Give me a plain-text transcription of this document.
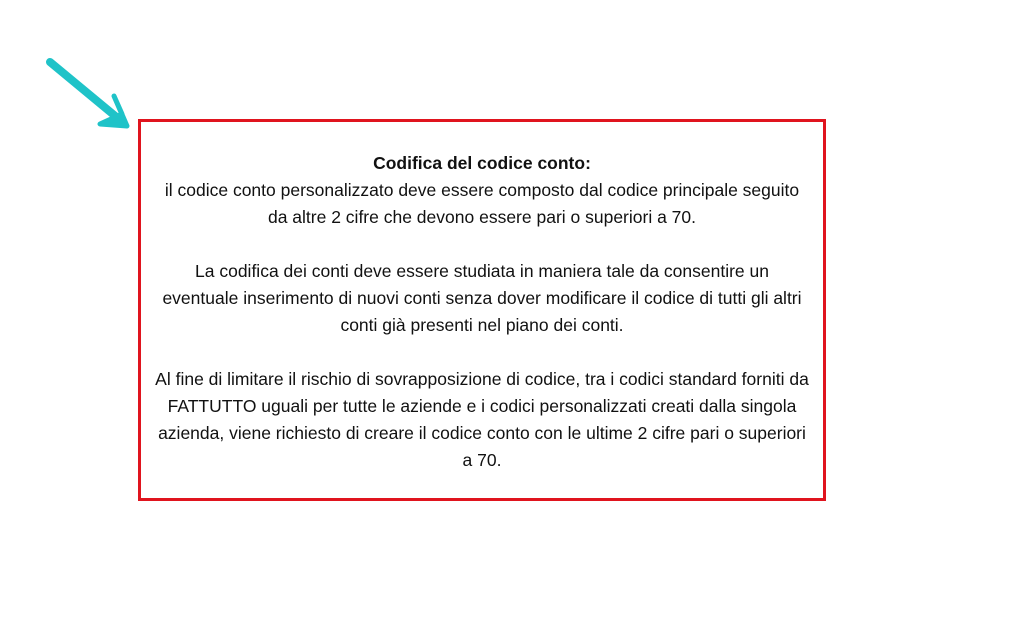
Codifica del codice conto:
il codice conto personalizzato deve essere composto dal codice principale seguito da altre 2 cifre che devono essere pari o superiori a 70.

La codifica dei conti deve essere studiata in maniera tale da consentire un eventuale inserimento di nuovi conti senza dover modificare il codice di tutti gli altri conti già presenti nel piano dei conti.

Al fine di limitare il rischio di sovrapposizione di codice, tra i codici standard forniti da FATTUTTO uguali per tutte le aziende e i codici personalizzati creati dalla singola azienda, viene richiesto di creare il codice conto con le ultime 2 cifre pari o superiori a 70.
